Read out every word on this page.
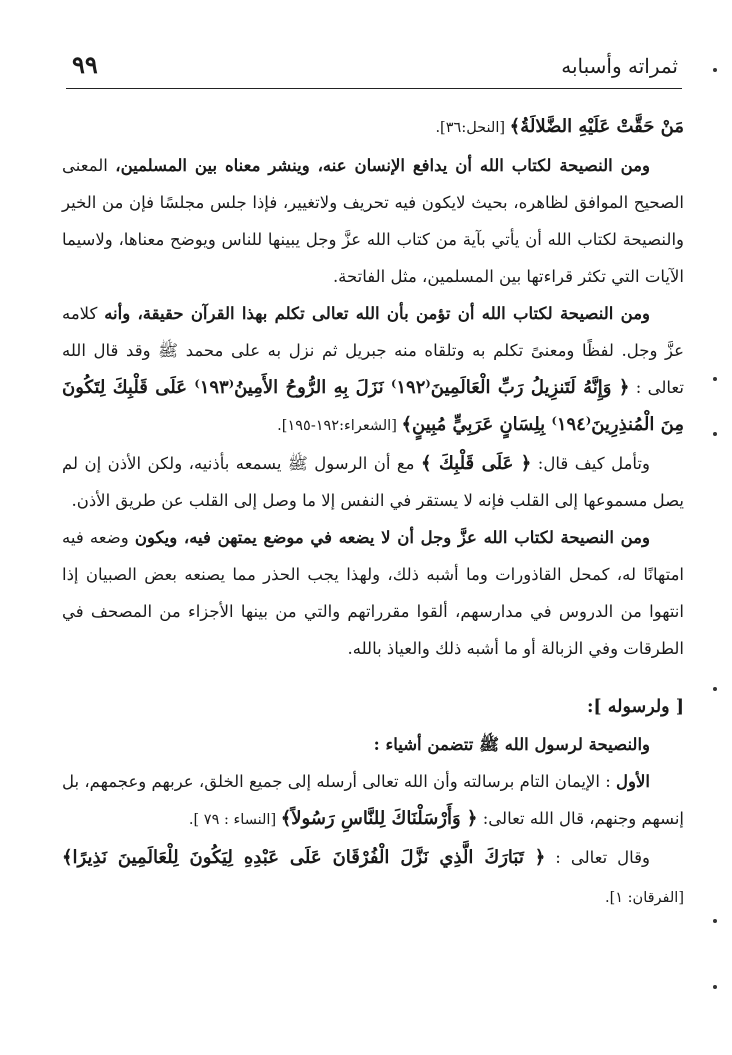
٩٩	ثمراته وأسبابه

مَنْ حَقَّتْ عَلَيْهِ الضَّلالَةُ﴾ [النحل:٣٦].

ومن النصيحة لكتاب الله أن يدافع الإنسان عنه، وينشر معناه بين المسلمين، المعنى الصحيح الموافق لظاهره، بحيث لايكون فيه تحريف ولاتغيير، فإذا جلس مجلسًا فإن من الخير والنصيحة لكتاب الله أن يأتي بآية من كتاب الله عزَّ وجل يبينها للناس ويوضح معناها، ولاسيما الآيات التي تكثر قراءتها بين المسلمين، مثل الفاتحة.

ومن النصيحة لكتاب الله أن تؤمن بأن الله تعالى تكلم بهذا القرآن حقيقة، وأنه كلامه عزَّ وجل. لفظًا ومعنىً تكلم به وتلقاه منه جبريل ثم نزل به على محمد ﷺ وقد قال الله تعالى : ﴿ وَإِنَّهُ لَتَنزِيلُ رَبِّ الْعَالَمِينَ⁽١٩٢⁾ نَزَلَ بِهِ الرُّوحُ الأَمِينُ⁽١٩٣⁾ عَلَى قَلْبِكَ لِتَكُونَ مِنَ الْمُنذِرِينَ⁽١٩٤⁾ بِلِسَانٍ عَرَبِيٍّ مُبِينٍ﴾ [الشعراء:١٩٢-١٩٥].

وتأمل كيف قال: ﴿ عَلَى قَلْبِكَ ﴾ مع أن الرسول ﷺ يسمعه بأذنيه، ولكن الأذن إن لم يصل مسموعها إلى القلب فإنه لا يستقر في النفس إلا ما وصل إلى القلب عن طريق الأذن.

ومن النصيحة لكتاب الله عزَّ وجل أن لا يضعه في موضع يمتهن فيه، ويكون وضعه فيه امتهانًا له، كمحل القاذورات وما أشبه ذلك، ولهذا يجب الحذر مما يصنعه بعض الصبيان إذا انتهوا من الدروس في مدارسهم، ألقوا مقرراتهم والتي من بينها الأجزاء من المصحف في الطرقات وفي الزبالة أو ما أشبه ذلك والعياذ بالله.

[ ولرسوله ]:

والنصيحة لرسول الله ﷺ تتضمن أشياء :

الأول : الإيمان التام برسالته وأن الله تعالى أرسله إلى جميع الخلق، عربهم وعجمهم، بل إنسهم وجنهم، قال الله تعالى: ﴿ وَأَرْسَلْنَاكَ لِلنَّاسِ رَسُولاً﴾ [النساء : ٧٩ ].

وقال تعالى : ﴿ تَبَارَكَ الَّذِي نَزَّلَ الْفُرْقَانَ عَلَى عَبْدِهِ لِيَكُونَ لِلْعَالَمِينَ نَذِيرًا﴾ [الفرقان: ١].
